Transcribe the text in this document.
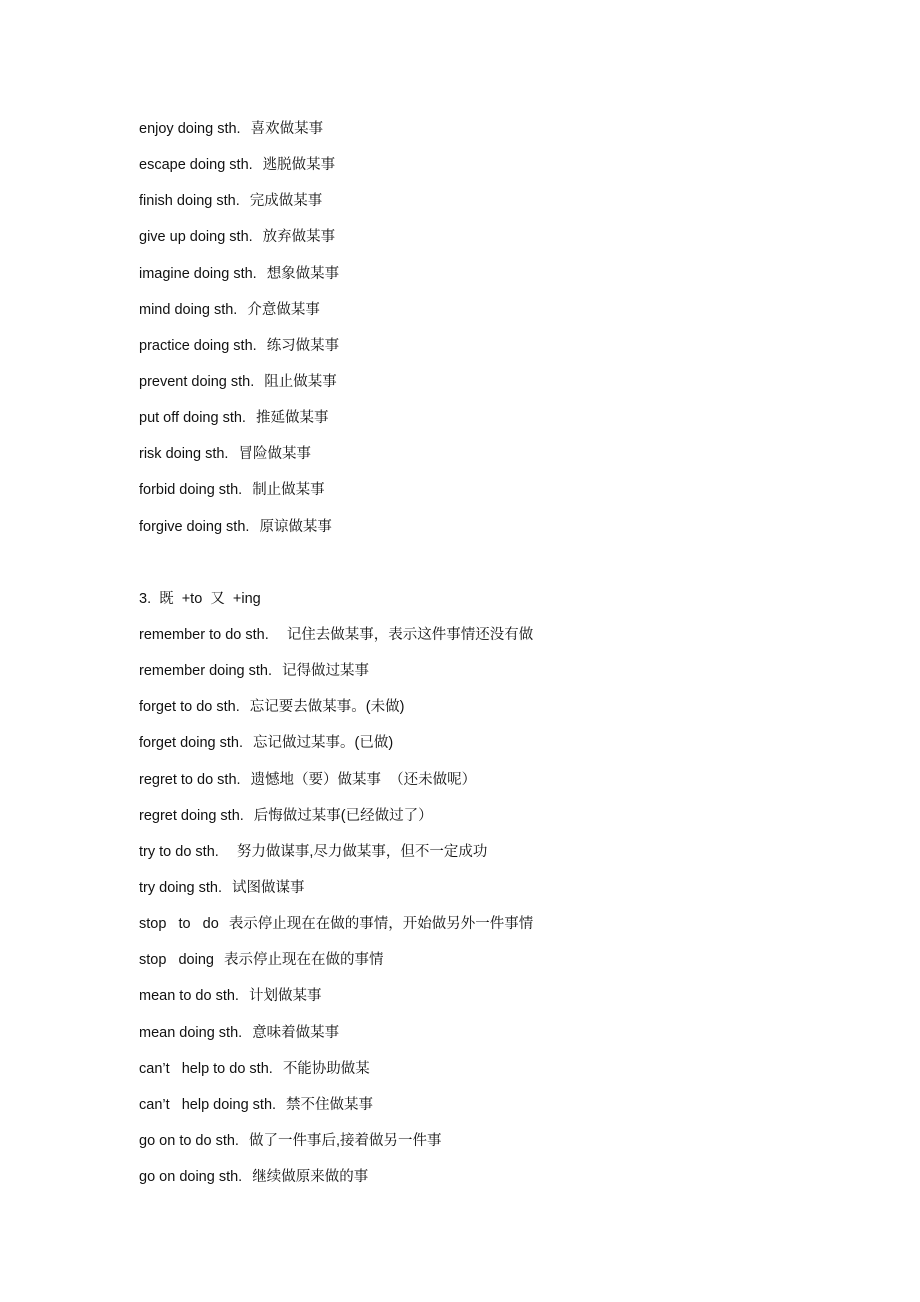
enjoy doing sth. 喜欢做某事
escape doing sth. 逃脱做某事
finish doing sth. 完成做某事
give up doing sth. 放弃做某事
imagine doing sth. 想象做某事
mind doing sth. 介意做某事
practice doing sth. 练习做某事
prevent doing sth. 阻止做某事
put off doing sth. 推延做某事
risk doing sth. 冒险做某事
forbid doing sth. 制止做某事
forgive doing sth. 原谅做某事
3.  既  +to  又  +ing
remember to do sth.  记住去做某事，表示这件事情还没有做
remember doing sth. 记得做过某事
forget to do sth. 忘记要去做某事。(未做)
forget doing sth. 忘记做过某事。(已做)
regret to do sth. 遗憾地（要）做某事  （还未做呢）
regret doing sth. 后悔做过某事(已经做过了）
try to do sth.  努力做谋事,尽力做某事，但不一定成功
try doing sth. 试图做谋事
stop   to   do 表示停止现在在做的事情，开始做另外一件事情
stop   doing 表示停止现在在做的事情
mean to do sth. 计划做某事
mean doing sth. 意味着做某事
can’t   help to do sth. 不能协助做某
can’t   help doing sth. 禁不住做某事
go on to do sth. 做了一件事后,接着做另一件事
go on doing sth. 继续做原来做的事
